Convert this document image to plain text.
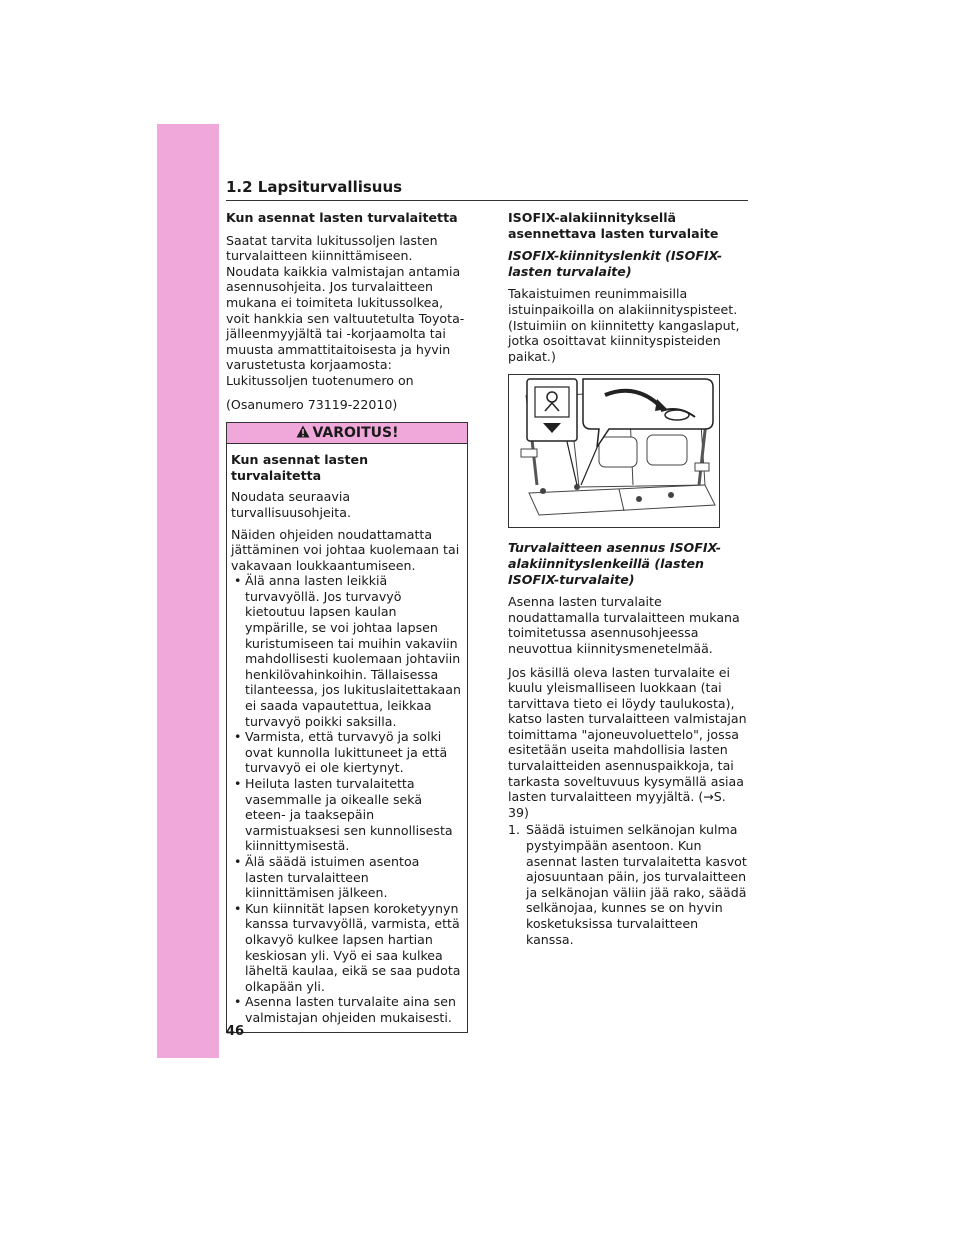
1.2 Lapsiturvallisuus
Kun asennat lasten turvalaitetta

Saatat tarvita lukitussoljen lasten turvalaitteen kiinnittämiseen. Noudata kaikkia valmistajan antamia asennusohjeita. Jos turvalaitteen mukana ei toimiteta lukitussolkea, voit hankkia sen valtuutetulta Toyota-jälleenmyyjältä tai -korjaamolta tai muusta ammattitaitoisesta ja hyvin varustetusta korjaamosta: Lukitussoljen tuotenumero on

(Osanumero 73119-22010)

VAROITUS!

Kun asennat lasten turvalaitetta

Noudata seuraavia turvallisuusohjeita.

Näiden ohjeiden noudattamatta jättäminen voi johtaa kuolemaan tai vakavaan loukkaantumiseen.

• Älä anna lasten leikkiä turvavyöllä. Jos turvavyö kietoutuu lapsen kaulan ympärille, se voi johtaa lapsen kuristumiseen tai muihin vakaviin mahdollisesti kuolemaan johtaviin henkilövahinkoihin. Tällaisessa tilanteessa, jos lukituslaitettakaan ei saada vapautettua, leikkaa turvavyö poikki saksilla.
• Varmista, että turvavyö ja solki ovat kunnolla lukittuneet ja että turvavyö ei ole kiertynyt.
• Heiluta lasten turvalaitetta vasemmalle ja oikealle sekä eteen- ja taaksepäin varmistuaksesi sen kunnollisesta kiinnittymisestä.
• Älä säädä istuimen asentoa lasten turvalaitteen kiinnittämisen jälkeen.
• Kun kiinnität lapsen koroketyynyn kanssa turvavyöllä, varmista, että olkavyö kulkee lapsen hartian keskiosan yli. Vyö ei saa kulkea läheltä kaulaa, eikä se saa pudota olkapään yli.
• Asenna lasten turvalaite aina sen valmistajan ohjeiden mukaisesti.
ISOFIX-alakiinnityksellä asennettava lasten turvalaite
ISOFIX-kiinnityslenkit (ISOFIX- lasten turvalaite)

Takaistuimen reunimmaisilla istuinpaikoilla on alakiinnityspisteet. (Istuimiin on kiinnitetty kangaslaput, jotka osoittavat kiinnityspisteiden paikat.)

Turvalaitteen asennus ISOFIX-alakiinnityslenkeillä (lasten ISOFIX-turvalaite)

Asenna lasten turvalaite noudattamalla turvalaitteen mukana toimitetussa asennusohjeessa neuvottua kiinnitysmenetelmää.

Jos käsillä oleva lasten turvalaite ei kuulu yleismalliseen luokkaan (tai tarvittava tieto ei löydy taulukosta), katso lasten turvalaitteen valmistajan toimittama "ajoneuvoluettelo", jossa esitetään useita mahdollisia lasten turvalaitteiden asennuspaikkoja, tai tarkasta soveltuvuus kysymällä asiaa lasten turvalaitteen myyjältä. (→S. 39)

1. Säädä istuimen selkänojan kulma pystyimpään asentoon. Kun asennat lasten turvalaitetta kasvot ajosuuntaan päin, jos turvalaitteen ja selkänojan väliin jää rako, säädä selkänojaa, kunnes se on hyvin kosketuksissa turvalaitteen kanssa.
46
